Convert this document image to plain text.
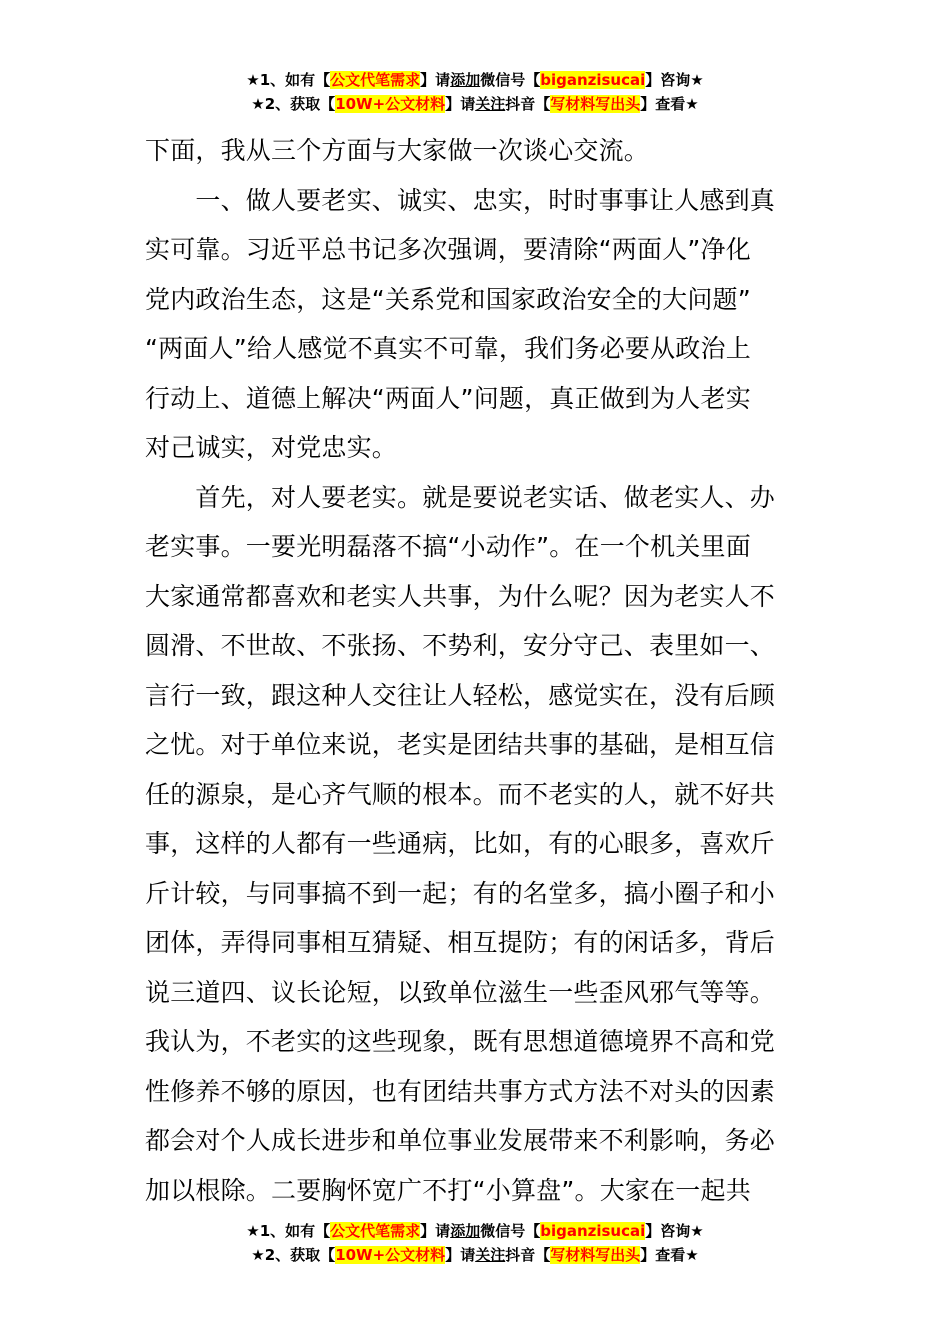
★1、如有【公文代笔需求】请添加微信号【biganzisucai】咨询★
★2、获取【10W+公文材料】请关注抖音【写材料写出头】查看★
下面，我从三个方面与大家做一次谈心交流。
　　一、做人要老实、诚实、忠实，时时事事让人感到真
实可靠。习近平总书记多次强调，要清除“两面人”净化
党内政治生态，这是“关系党和国家政治安全的大问题”
“两面人”给人感觉不真实不可靠，我们务必要从政治上
行动上、道德上解决“两面人”问题，真正做到为人老实
对己诚实，对党忠实。
　　首先，对人要老实。就是要说老实话、做老实人、办
老实事。一要光明磊落不搞“小动作”。在一个机关里面
大家通常都喜欢和老实人共事，为什么呢？因为老实人不
圆滑、不世故、不张扬、不势利，安分守己、表里如一、
言行一致，跟这种人交往让人轻松，感觉实在，没有后顾
之忧。对于单位来说，老实是团结共事的基础，是相互信
任的源泉，是心齐气顺的根本。而不老实的人，就不好共
事，这样的人都有一些通病，比如，有的心眼多，喜欢斤
斤计较，与同事搞不到一起；有的名堂多，搞小圈子和小
团体，弄得同事相互猜疑、相互提防；有的闲话多，背后
说三道四、议长论短，以致单位滋生一些歪风邪气等等。
我认为，不老实的这些现象，既有思想道德境界不高和党
性修养不够的原因，也有团结共事方式方法不对头的因素
都会对个人成长进步和单位事业发展带来不利影响，务必
加以根除。二要胸怀宽广不打“小算盘”。大家在一起共
★1、如有【公文代笔需求】请添加微信号【biganzisucai】咨询★
★2、获取【10W+公文材料】请关注抖音【写材料写出头】查看★
